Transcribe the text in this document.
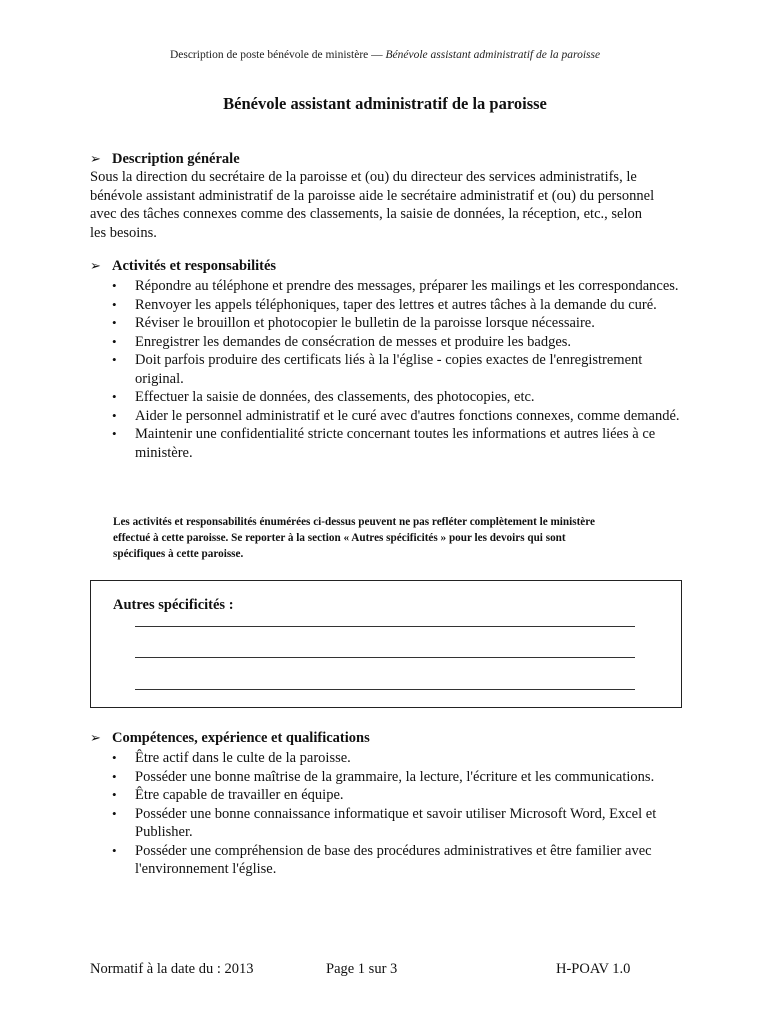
Description de poste bénévole de ministère — Bénévole assistant administratif de la paroisse
Bénévole assistant administratif de la paroisse
➢ Description générale

Sous la direction du secrétaire de la paroisse et (ou) du directeur des services administratifs, le

bénévole assistant administratif de la paroisse aide le secrétaire administratif et (ou) du personnel

avec des tâches connexes comme des classements, la saisie de données, la réception, etc., selon

les besoins.

➢ Activités et responsabilités
• Répondre au téléphone et prendre des messages, préparer les mailings et les correspondances.
• Renvoyer les appels téléphoniques, taper des lettres et autres tâches à la demande du curé.
• Réviser le brouillon et photocopier le bulletin de la paroisse lorsque nécessaire.
• Enregistrer les demandes de consécration de messes et produire les badges.
• Doit parfois produire des certificats liés à la l'église - copies exactes de l'enregistrement original.
• Effectuer la saisie de données, des classements, des photocopies, etc.
• Aider le personnel administratif et le curé avec d'autres fonctions connexes, comme demandé.
• Maintenir une confidentialité stricte concernant toutes les informations et autres liées à ce ministère.
Les activités et responsabilités énumérées ci-dessus peuvent ne pas refléter complètement le ministère
effectué à cette paroisse. Se reporter à la section « Autres spécificités » pour les devoirs qui sont
spécifiques à cette paroisse.
Autres spécificités :
➢ Compétences, expérience et qualifications
• Être actif dans le culte de la paroisse.
• Posséder une bonne maîtrise de la grammaire, la lecture, l'écriture et les communications.
• Être capable de travailler en équipe.
• Posséder une bonne connaissance informatique et savoir utiliser Microsoft Word, Excel et Publisher.
• Posséder une compréhension de base des procédures administratives et être familier avec l'environnement l'église.
Normatif à la date du : 2013	Page 1 sur 3	H-POAV 1.0
